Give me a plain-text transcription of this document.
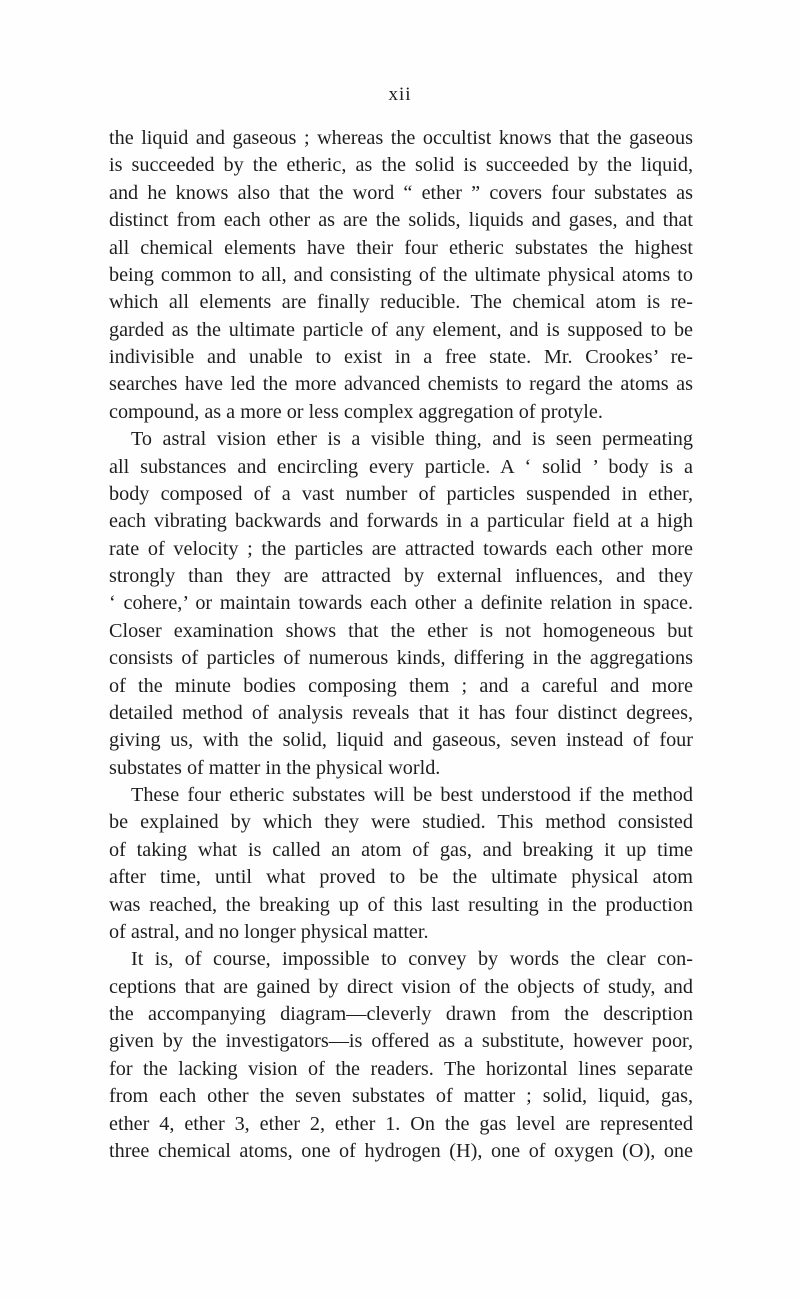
xii
the liquid and gaseous ; whereas the occultist knows that the gaseous
is succeeded by the etheric, as the solid is succeeded by the liquid,
and he knows also that the word “ ether ” covers four substates as
distinct from each other as are the solids, liquids and gases, and that
all chemical elements have their four etheric substates the highest
being common to all, and consisting of the ultimate physical atoms to
which all elements are finally reducible. The chemical atom is re-
garded as the ultimate particle of any element, and is supposed to be
indivisible and unable to exist in a free state. Mr. Crookes’ re-
searches have led the more advanced chemists to regard the atoms as
compound, as a more or less complex aggregation of protyle.
To astral vision ether is a visible thing, and is seen permeating
all substances and encircling every particle. A ‘ solid ’ body is a
body composed of a vast number of particles suspended in ether,
each vibrating backwards and forwards in a particular field at a high
rate of velocity ; the particles are attracted towards each other more
strongly than they are attracted by external influences, and they
‘ cohere,’ or maintain towards each other a definite relation in space.
Closer examination shows that the ether is not homogeneous but
consists of particles of numerous kinds, differing in the aggregations
of the minute bodies composing them ; and a careful and more
detailed method of analysis reveals that it has four distinct degrees,
giving us, with the solid, liquid and gaseous, seven instead of four
substates of matter in the physical world.
These four etheric substates will be best understood if the method
be explained by which they were studied. This method consisted
of taking what is called an atom of gas, and breaking it up time
after time, until what proved to be the ultimate physical atom
was reached, the breaking up of this last resulting in the production
of astral, and no longer physical matter.
It is, of course, impossible to convey by words the clear con-
ceptions that are gained by direct vision of the objects of study, and
the accompanying diagram—cleverly drawn from the description
given by the investigators—is offered as a substitute, however poor,
for the lacking vision of the readers. The horizontal lines separate
from each other the seven substates of matter ; solid, liquid, gas,
ether 4, ether 3, ether 2, ether 1. On the gas level are represented
three chemical atoms, one of hydrogen (H), one of oxygen (O), one
